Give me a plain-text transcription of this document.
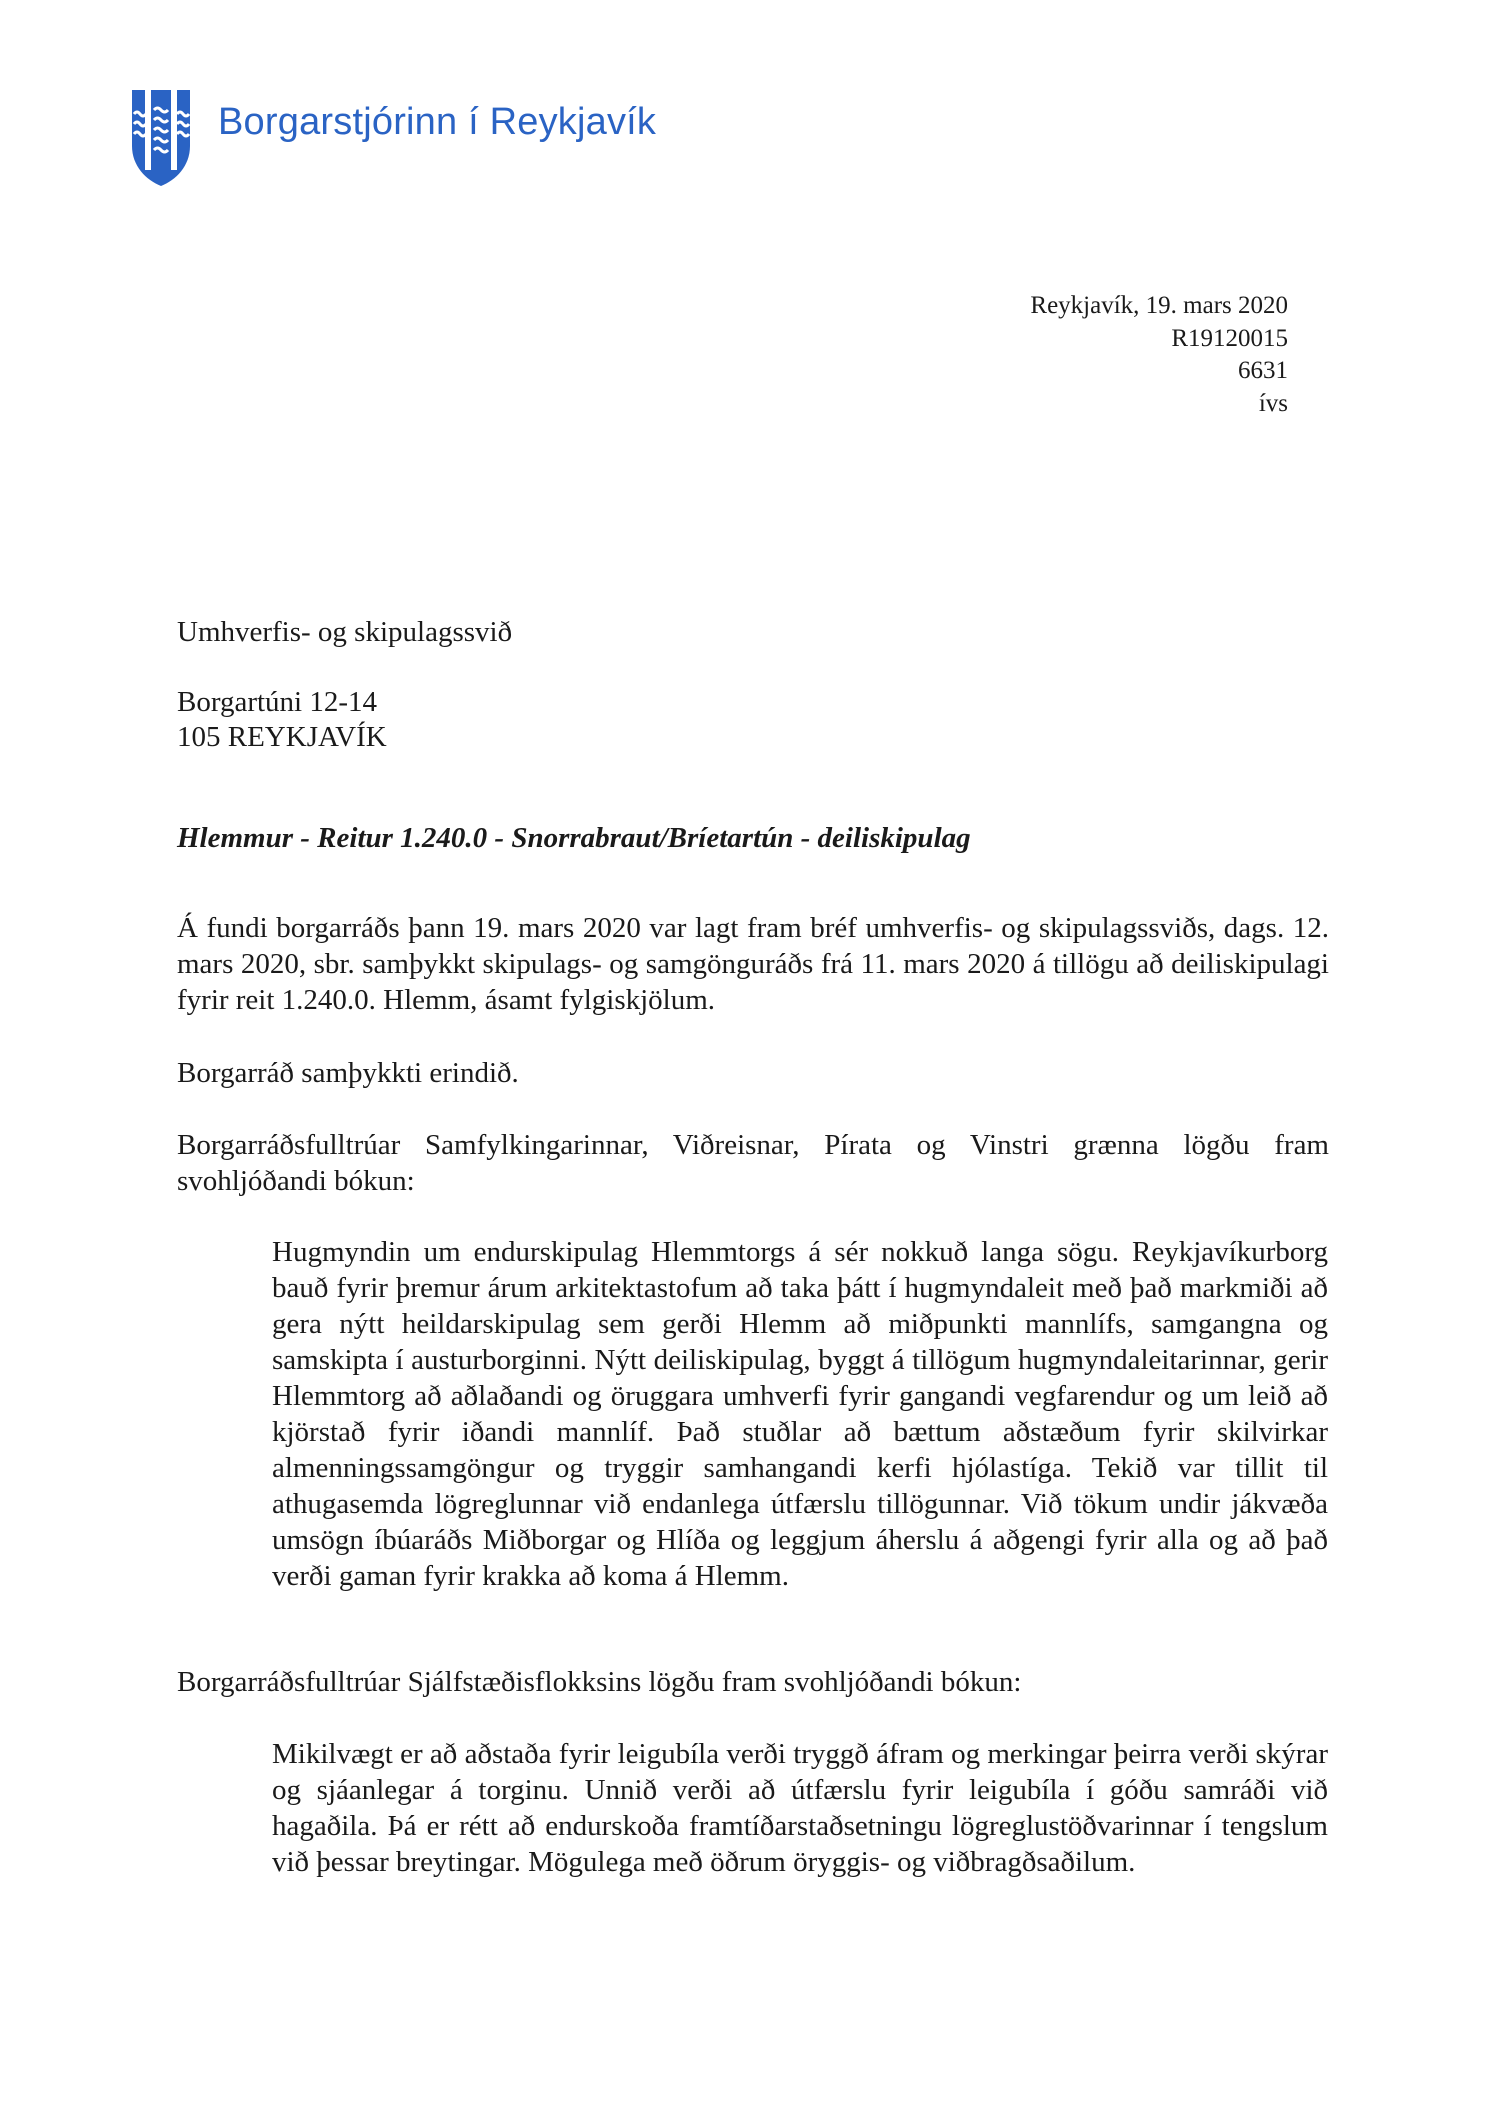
Borgarstjórinn í Reykjavík
Reykjavík, 19. mars 2020
R19120015
6631
ívs
Umhverfis- og skipulagssvið
Borgartúni 12-14
105 REYKJAVÍK
Hlemmur - Reitur 1.240.0 - Snorrabraut/Bríetartún - deiliskipulag

Á fundi borgarráðs þann 19. mars 2020 var lagt fram bréf umhverfis- og skipulagssviðs, dags. 12. mars 2020, sbr. samþykkt skipulags- og samgönguráðs frá 11. mars 2020 á tillögu að deiliskipulagi fyrir reit 1.240.0. Hlemm, ásamt fylgiskjölum.

Borgarráð samþykkti erindið.

Borgarráðsfulltrúar Samfylkingarinnar, Viðreisnar, Pírata og Vinstri grænna lögðu fram svohljóðandi bókun:

Hugmyndin um endurskipulag Hlemmtorgs á sér nokkuð langa sögu. Reykjavíkurborg bauð fyrir þremur árum arkitektastofum að taka þátt í hugmyndaleit með það markmiði að gera nýtt heildarskipulag sem gerði Hlemm að miðpunkti mannlífs, samgangna og samskipta í austurborginni. Nýtt deiliskipulag, byggt á tillögum hugmyndaleitarinnar, gerir Hlemmtorg að aðlaðandi og öruggara umhverfi fyrir gangandi vegfarendur og um leið að kjörstað fyrir iðandi mannlíf. Það stuðlar að bættum aðstæðum fyrir skilvirkar almenningssamgöngur og tryggir samhangandi kerfi hjólastíga. Tekið var tillit til athugasemda lögreglunnar við endanlega útfærslu tillögunnar. Við tökum undir jákvæða umsögn íbúaráðs Miðborgar og Hlíða og leggjum áherslu á aðgengi fyrir alla og að það verði gaman fyrir krakka að koma á Hlemm.

Borgarráðsfulltrúar Sjálfstæðisflokksins lögðu fram svohljóðandi bókun:

Mikilvægt er að aðstaða fyrir leigubíla verði tryggð áfram og merkingar þeirra verði skýrar og sjáanlegar á torginu. Unnið verði að útfærslu fyrir leigubíla í góðu samráði við hagaðila. Þá er rétt að endurskoða framtíðarstaðsetningu lögreglustöðvarinnar í tengslum við þessar breytingar. Mögulega með öðrum öryggis- og viðbragðsaðilum.
